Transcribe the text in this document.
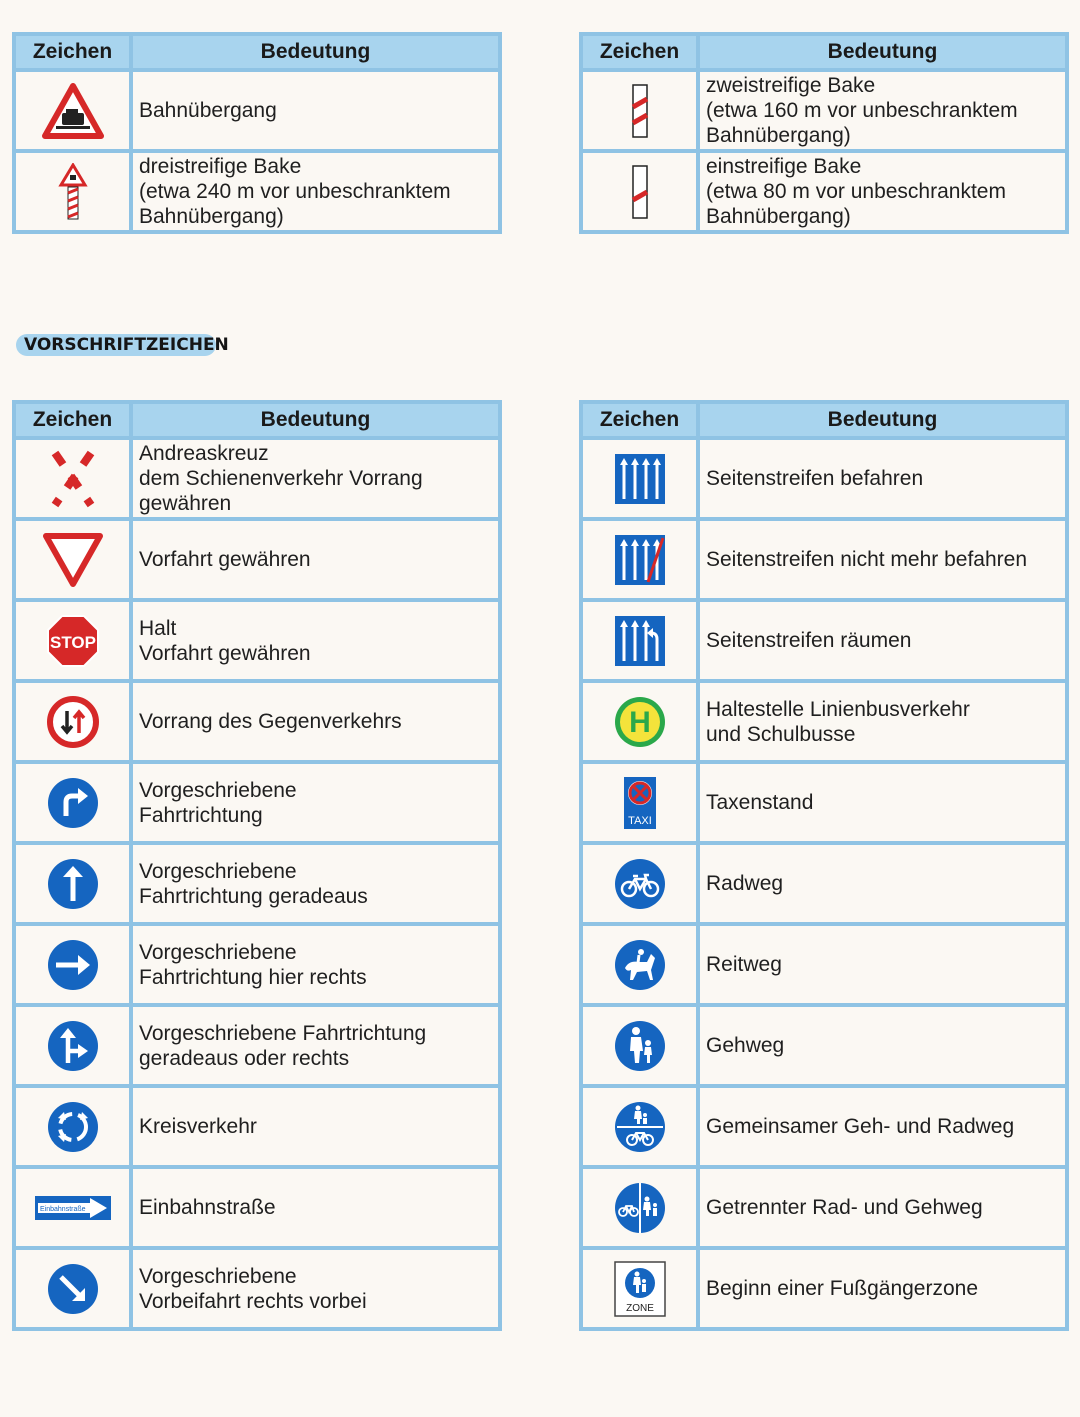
Zeichen	Bedeutung

Bahnübergang

dreistreifige Bake
(etwa 240 m vor unbeschranktem
Bahnübergang)
Zeichen	Bedeutung

zweistreifige Bake
(etwa 160 m vor unbeschranktem
Bahnübergang)

einstreifige Bake
(etwa 80 m vor unbeschranktem
Bahnübergang)
VORSCHRIFTZEICHEN
Zeichen	Bedeutung

Andreaskreuz
dem Schienenverkehr Vorrang
gewähren

Vorfahrt gewähren

STOP	Halt
Vorfahrt gewähren

Vorrang des Gegenverkehrs

Vorgeschriebene
Fahrtrichtung

Vorgeschriebene
Fahrtrichtung geradeaus

Vorgeschriebene
Fahrtrichtung hier rechts

Vorgeschriebene Fahrtrichtung
geradeaus oder rechts

Kreisverkehr

Einbahnstraße	Einbahnstraße

Vorgeschriebene
Vorbeifahrt rechts vorbei
Zeichen	Bedeutung

Seitenstreifen befahren

Seitenstreifen nicht mehr befahren

Seitenstreifen räumen

H	Haltestelle Linienbusverkehr
und Schulbusse

TAXI	Taxenstand

Radweg

Reitweg

Gehweg

Gemeinsamer Geh- und Radweg

Getrennter Rad- und Gehweg

ZONE	Beginn einer Fußgängerzone
